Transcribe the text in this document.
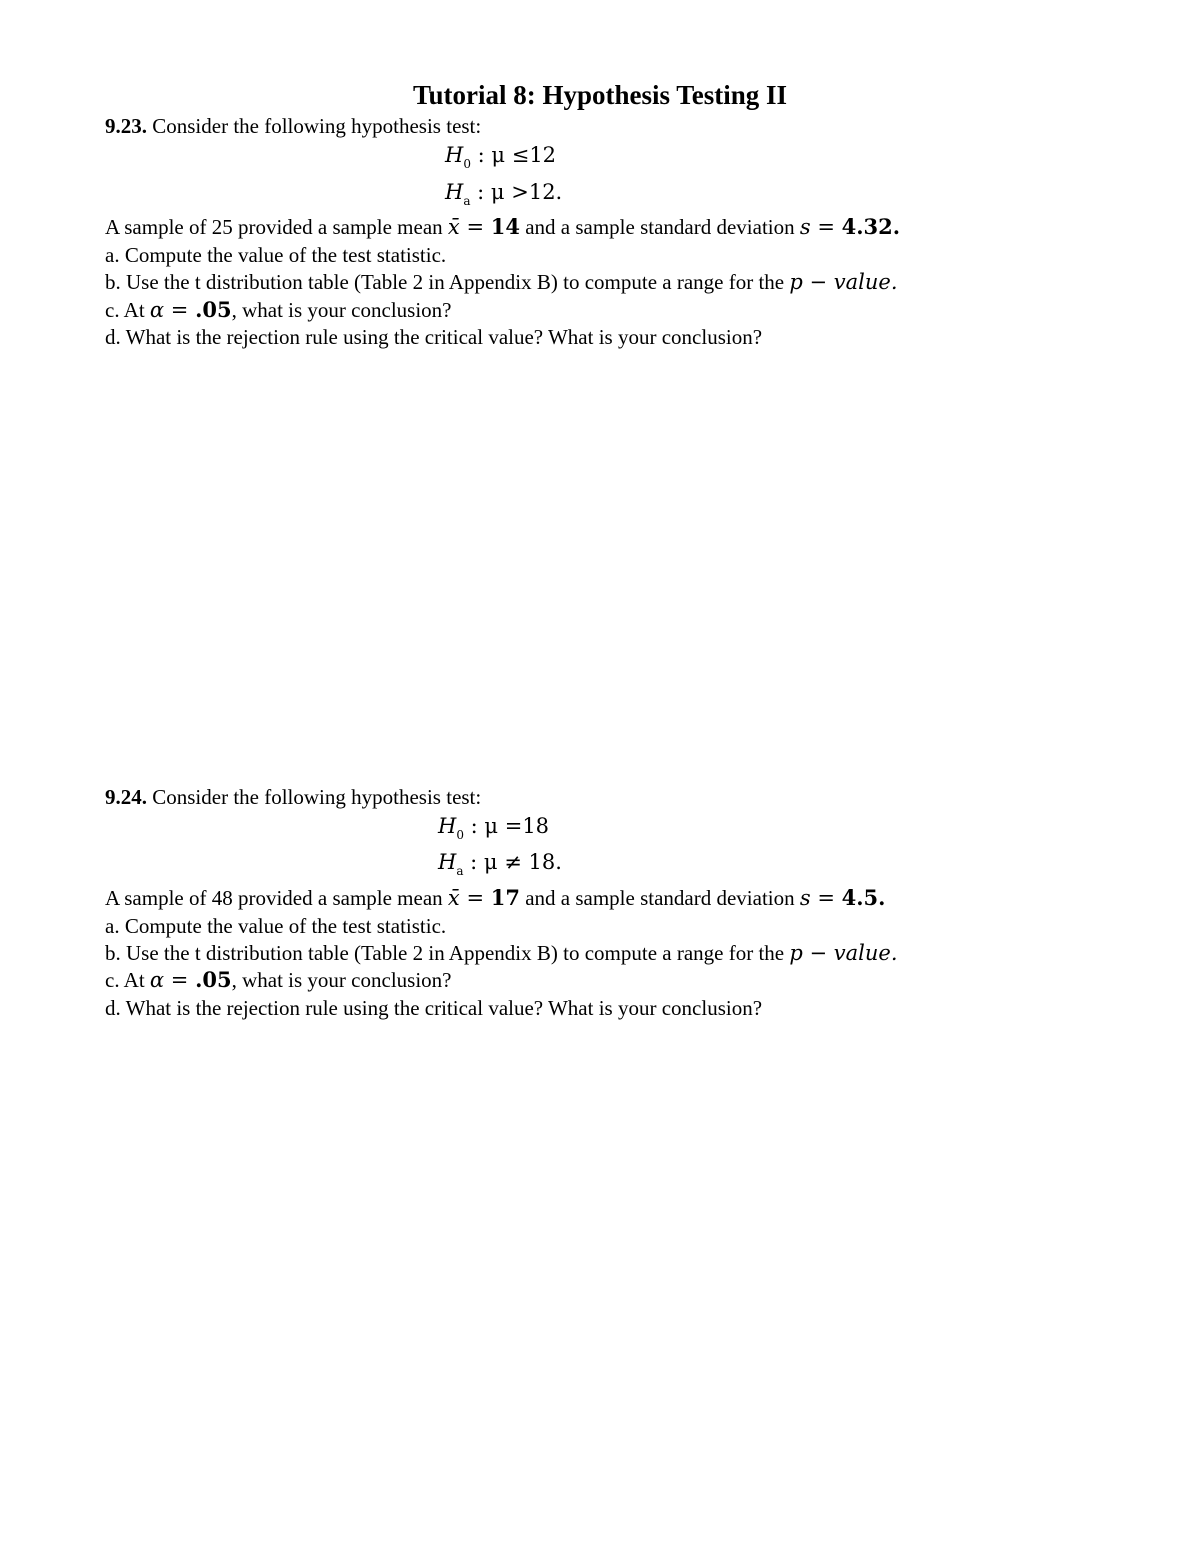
Tutorial 8: Hypothesis Testing II
9.23. Consider the following hypothesis test:
$H_0$ : μ ≤12
$H_a$ : μ >12.
A sample of 25 provided a sample mean x̄ = 14 and a sample standard deviation s = 4.32.
a. Compute the value of the test statistic.
b. Use the t distribution table (Table 2 in Appendix B) to compute a range for the p − value.
c. At α = .05, what is your conclusion?
d. What is the rejection rule using the critical value? What is your conclusion?
9.24. Consider the following hypothesis test:
$H_0$ : μ =18
$H_a$ : μ ≠ 18.
A sample of 48 provided a sample mean x̄ = 17 and a sample standard deviation s = 4.5.
a. Compute the value of the test statistic.
b. Use the t distribution table (Table 2 in Appendix B) to compute a range for the p − value.
c. At α = .05, what is your conclusion?
d. What is the rejection rule using the critical value? What is your conclusion?
